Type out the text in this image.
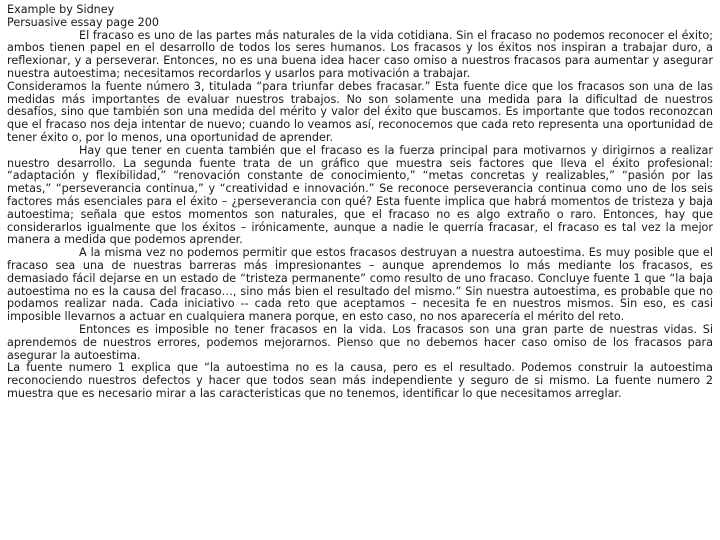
Example by Sidney

Persuasive essay page 200

El fracaso es uno de las partes más naturales de la vida cotidiana. Sin el fracaso no podemos reconocer el éxito; ambos tienen papel en el desarrollo de todos los seres humanos. Los fracasos y los éxitos nos inspiran a trabajar duro, a reflexionar, y a perseverar. Entonces, no es una buena idea hacer caso omiso a nuestros fracasos para aumentar y asegurar nuestra autoestima; necesitamos recordarlos y usarlos para motivación a trabajar.

Consideramos la fuente número 3, titulada “para triunfar debes fracasar.” Esta fuente dice que los fracasos son una de las medidas más importantes de evaluar nuestros trabajos. No son solamente una medida para la dificultad de nuestros desafíos, sino que también son una medida del mérito y valor del éxito que buscamos. Es importante que todos reconozcan que el fracaso nos deja intentar de nuevo; cuando lo veamos así, reconocemos que cada reto representa una oportunidad de tener éxito o, por lo menos, una oportunidad de aprender.

Hay que tener en cuenta también que el fracaso es la fuerza principal para motivarnos y dirigirnos a realizar nuestro desarrollo. La segunda fuente trata de un gráfico que muestra seis factores que lleva el éxito profesional: “adaptación y flexibilidad,” “renovación constante de conocimiento,” “metas concretas y realizables,” “pasión por las metas,” “perseverancia continua,” y “creatividad e innovación.” Se reconoce perseverancia continua como uno de los seis factores más esenciales para el éxito – ¿perseverancia con qué? Esta fuente implica que habrá momentos de tristeza y baja autoestima; señala que estos momentos son naturales, que el fracaso no es algo extraño o raro. Entonces, hay que considerarlos igualmente que los éxitos – irónicamente, aunque a nadie le querría fracasar, el fracaso es tal vez la mejor manera a medida que podemos aprender.

A la misma vez no podemos permitir que estos fracasos destruyan a nuestra autoestima. Es muy posible que el fracaso sea una de nuestras barreras más impresionantes – aunque aprendemos lo más mediante los fracasos, es demasiado fácil dejarse en un estado de “tristeza permanente” como resulto de uno fracaso. Concluye fuente 1 que “la baja autoestima no es la causa del fracaso…, sino más bien el resultado del mismo.” Sin nuestra autoestima, es probable que no podamos realizar nada. Cada iniciativo -- cada reto que aceptamos – necesita fe en nuestros mismos. Sin eso, es casi imposible llevarnos a actuar en cualquiera manera porque, en esto caso, no nos aparecería el mérito del reto.

Entonces es imposible no tener fracasos en la vida. Los fracasos son una gran parte de nuestras vidas. Si aprendemos de nuestros errores, podemos mejorarnos. Pienso que no debemos hacer caso omiso de los fracasos para asegurar la autoestima.

La fuente numero 1 explica que “la autoestima no es la causa, pero es el resultado. Podemos construir la autoestima reconociendo nuestros defectos y hacer que todos sean más independiente y seguro de si mismo. La fuente numero 2 muestra que es necesario mirar a las caracteristicas que no tenemos, identificar lo que necesitamos arreglar.
